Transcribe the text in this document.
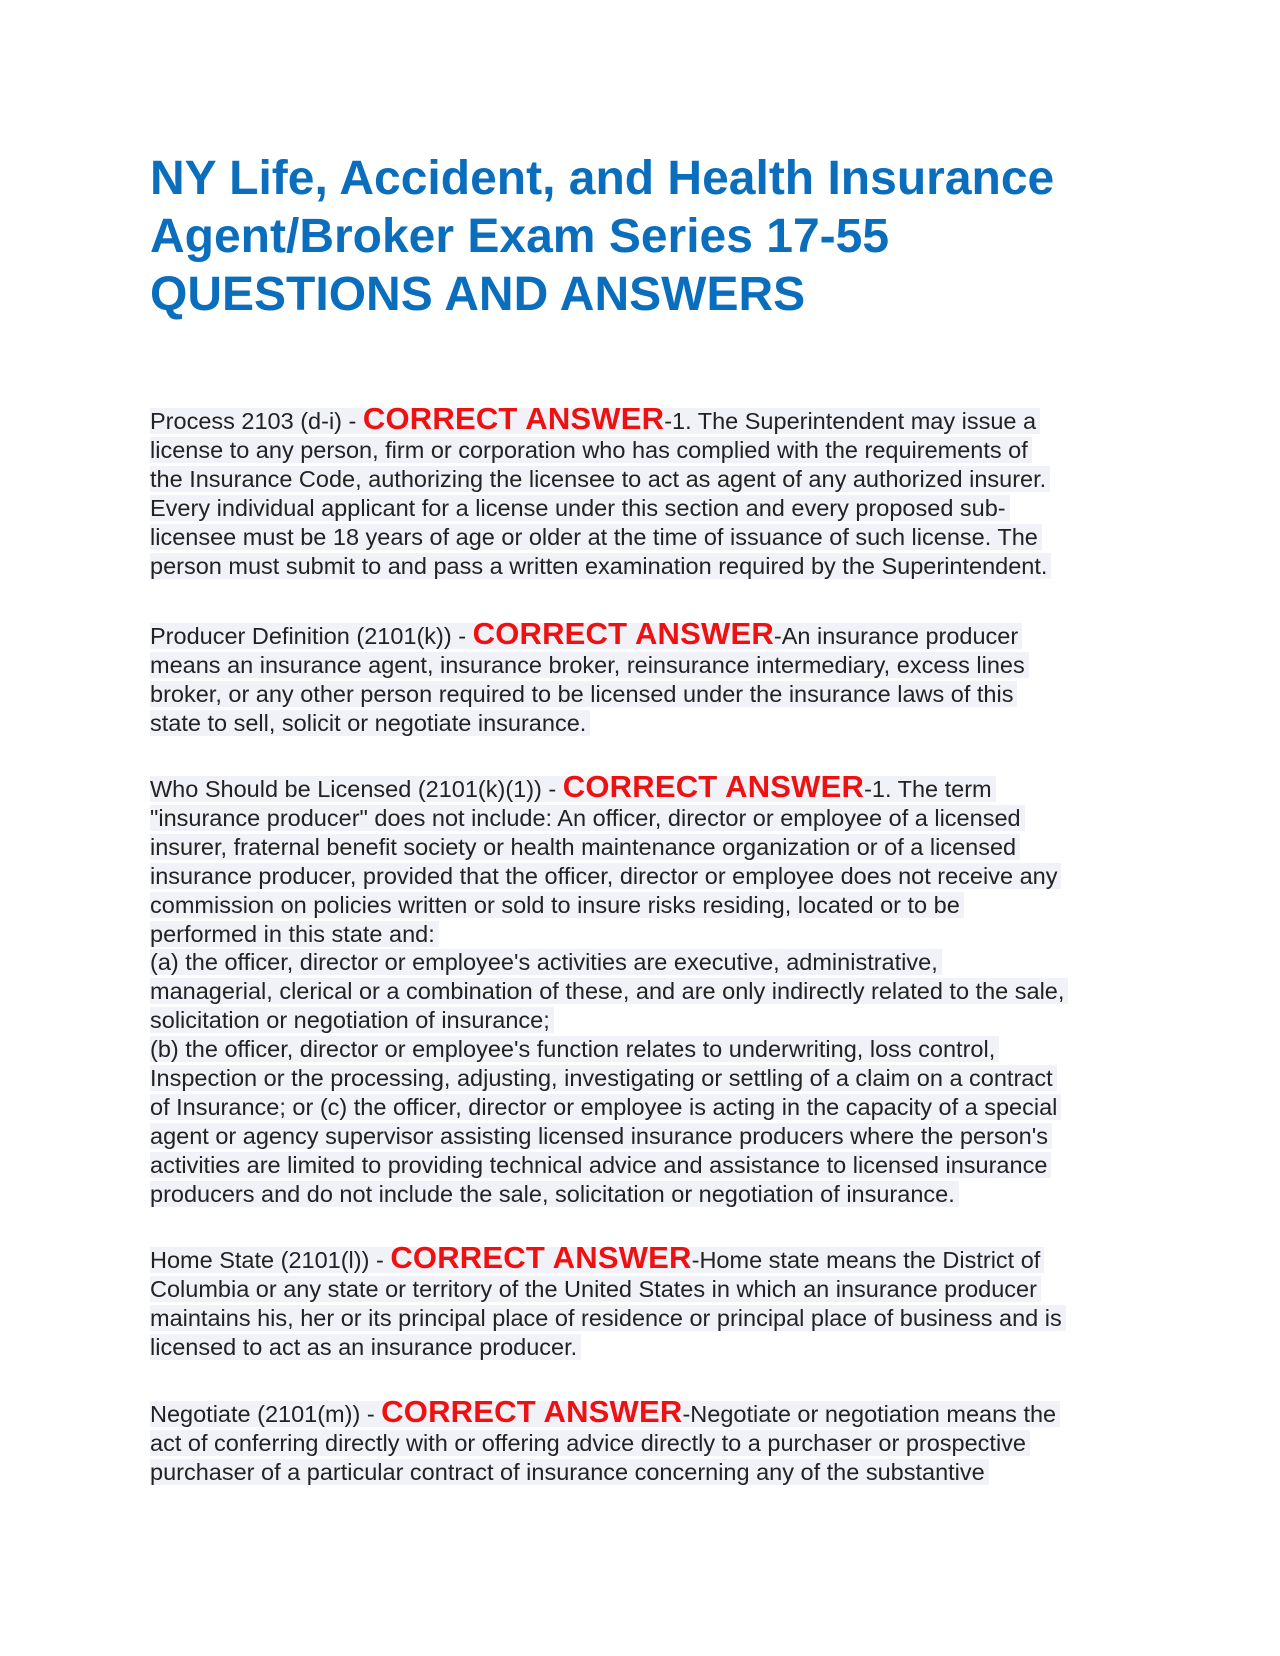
NY Life, Accident, and Health Insurance
Agent/Broker Exam Series 17-55
QUESTIONS AND ANSWERS
Process 2103 (d-i) - CORRECT ANSWER-1. The Superintendent may issue a
license to any person, firm or corporation who has complied with the requirements of
the Insurance Code, authorizing the licensee to act as agent of any authorized insurer.
Every individual applicant for a license under this section and every proposed sub-
licensee must be 18 years of age or older at the time of issuance of such license. The
person must submit to and pass a written examination required by the Superintendent.
Producer Definition (2101(k)) - CORRECT ANSWER-An insurance producer
means an insurance agent, insurance broker, reinsurance intermediary, excess lines
broker, or any other person required to be licensed under the insurance laws of this
state to sell, solicit or negotiate insurance.
Who Should be Licensed (2101(k)(1)) - CORRECT ANSWER-1. The term
"insurance producer" does not include: An officer, director or employee of a licensed
insurer, fraternal benefit society or health maintenance organization or of a licensed
insurance producer, provided that the officer, director or employee does not receive any
commission on policies written or sold to insure risks residing, located or to be
performed in this state and:
(a) the officer, director or employee's activities are executive, administrative,
managerial, clerical or a combination of these, and are only indirectly related to the sale,
solicitation or negotiation of insurance;
(b) the officer, director or employee's function relates to underwriting, loss control,
Inspection or the processing, adjusting, investigating or settling of a claim on a contract
of Insurance; or (c) the officer, director or employee is acting in the capacity of a special
agent or agency supervisor assisting licensed insurance producers where the person's
activities are limited to providing technical advice and assistance to licensed insurance
producers and do not include the sale, solicitation or negotiation of insurance.
Home State (2101(l)) - CORRECT ANSWER-Home state means the District of
Columbia or any state or territory of the United States in which an insurance producer
maintains his, her or its principal place of residence or principal place of business and is
licensed to act as an insurance producer.
Negotiate (2101(m)) - CORRECT ANSWER-Negotiate or negotiation means the
act of conferring directly with or offering advice directly to a purchaser or prospective
purchaser of a particular contract of insurance concerning any of the substantive
